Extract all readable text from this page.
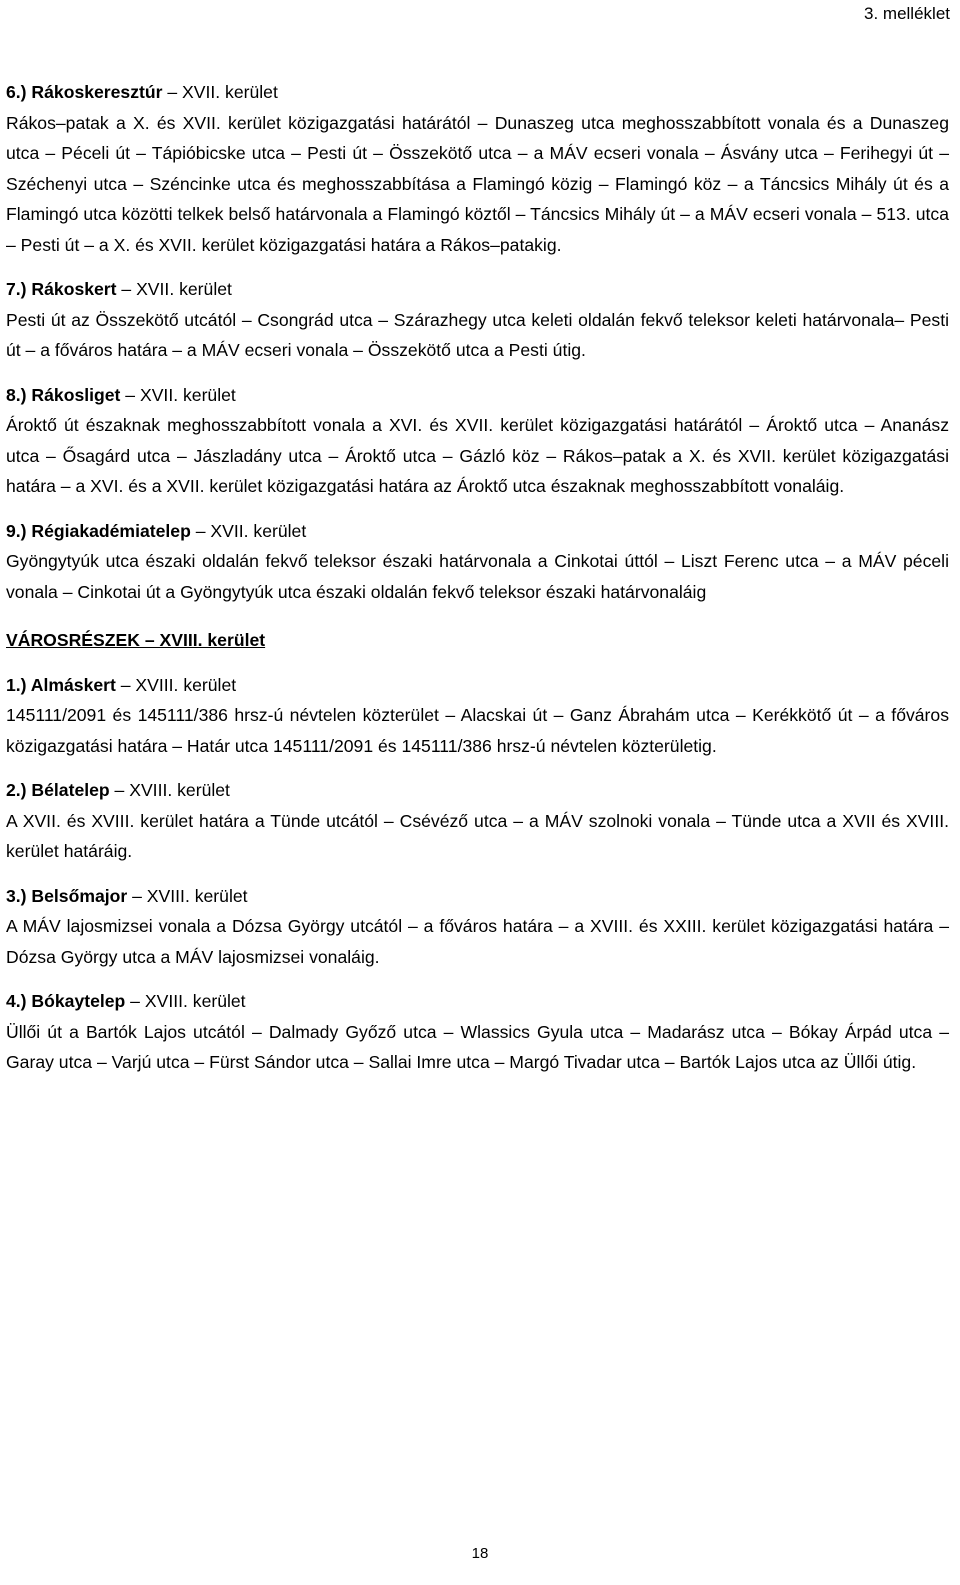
3. melléklet
6.) Rákoskeresztúr – XVII. kerület
Rákos–patak a X. és XVII. kerület közigazgatási határától – Dunaszeg utca meghosszabbított vonala és a Dunaszeg utca – Péceli út – Tápióbicske utca – Pesti út – Összekötő utca – a MÁV ecseri vonala – Ásvány utca – Ferihegyi út – Széchenyi utca – Széncinke utca és meghosszabbítása a Flamingó közig – Flamingó köz – a Táncsics Mihály út és a Flamingó utca közötti telkek belső határvonala a Flamingó köztől – Táncsics Mihály út – a MÁV ecseri vonala – 513. utca – Pesti út – a X. és XVII. kerület közigazgatási határa a Rákos–patakig.
7.) Rákoskert – XVII. kerület
Pesti út az Összekötő utcától – Csongrád utca – Szárazhegy utca keleti oldalán fekvő teleksor keleti határvonala– Pesti út – a főváros határa – a MÁV ecseri vonala – Összekötő utca a Pesti útig.
8.) Rákosliget – XVII. kerület
Ároktő út északnak meghosszabbított vonala a XVI. és XVII. kerület közigazgatási határától – Ároktő utca – Ananász utca – Ősagárd utca – Jászladány utca – Ároktő utca – Gázló köz – Rákos–patak a X. és XVII. kerület közigazgatási határa – a XVI. és a XVII. kerület közigazgatási határa az Ároktő utca északnak meghosszabbított vonaláig.
9.) Régiakadémiatelep – XVII. kerület
Gyöngytyúk utca északi oldalán fekvő teleksor északi határvonala a Cinkotai úttól – Liszt Ferenc utca – a MÁV péceli vonala – Cinkotai út a Gyöngytyúk utca északi oldalán fekvő teleksor északi határvonaláig
VÁROSRÉSZEK – XVIII. kerület
1.) Almáskert – XVIII. kerület
145111/2091 és 145111/386 hrsz-ú névtelen közterület – Alacskai út – Ganz Ábrahám utca – Kerékkötő út – a főváros közigazgatási határa – Határ utca 145111/2091 és 145111/386 hrsz-ú névtelen közterületig.
2.) Bélatelep – XVIII. kerület
A XVII. és XVIII. kerület határa a Tünde utcától – Csévéző utca – a MÁV szolnoki vonala – Tünde utca a XVII és XVIII. kerület határáig.
3.) Belsőmajor – XVIII. kerület
A MÁV lajosmizsei vonala a Dózsa György utcától – a főváros határa – a XVIII. és XXIII. kerület közigazgatási határa – Dózsa György utca a MÁV lajosmizsei vonaláig.
4.) Bókaytelep – XVIII. kerület
Üllői út a Bartók Lajos utcától – Dalmady Győző utca – Wlassics Gyula utca – Madarász utca – Bókay Árpád utca – Garay utca – Varjú utca – Fürst Sándor utca – Sallai Imre utca – Margó Tivadar utca – Bartók Lajos utca az Üllői útig.
18
